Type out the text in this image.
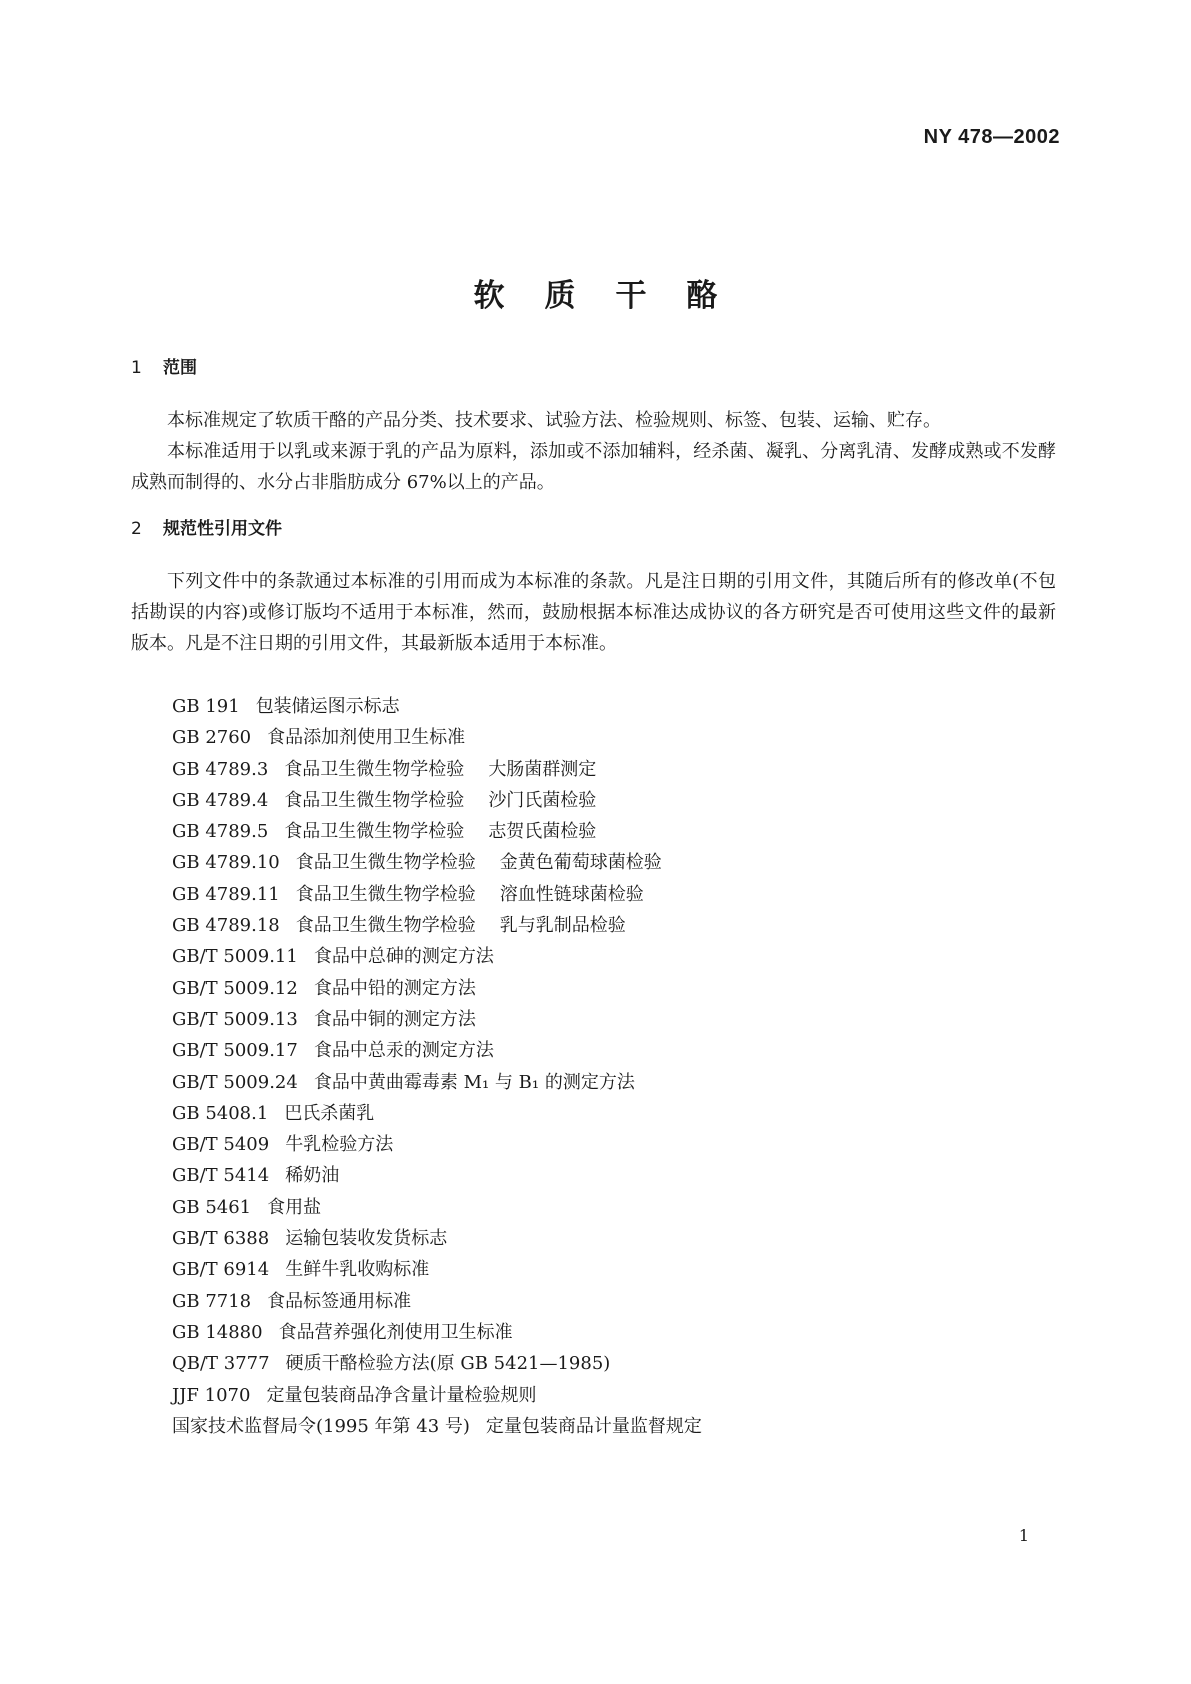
NY 478—2002
软质干酪
1 范围
本标准规定了软质干酪的产品分类、技术要求、试验方法、检验规则、标签、包装、运输、贮存。
本标准适用于以乳或来源于乳的产品为原料，添加或不添加辅料，经杀菌、凝乳、分离乳清、发酵成熟或不发酵成熟而制得的、水分占非脂肪成分 67%以上的产品。
2 规范性引用文件
下列文件中的条款通过本标准的引用而成为本标准的条款。凡是注日期的引用文件，其随后所有的修改单(不包括勘误的内容)或修订版均不适用于本标准，然而，鼓励根据本标准达成协议的各方研究是否可使用这些文件的最新版本。凡是不注日期的引用文件，其最新版本适用于本标准。
GB 191 包装储运图示标志
GB 2760 食品添加剂使用卫生标准
GB 4789.3 食品卫生微生物学检验 大肠菌群测定
GB 4789.4 食品卫生微生物学检验 沙门氏菌检验
GB 4789.5 食品卫生微生物学检验 志贺氏菌检验
GB 4789.10 食品卫生微生物学检验 金黄色葡萄球菌检验
GB 4789.11 食品卫生微生物学检验 溶血性链球菌检验
GB 4789.18 食品卫生微生物学检验 乳与乳制品检验
GB/T 5009.11 食品中总砷的测定方法
GB/T 5009.12 食品中铅的测定方法
GB/T 5009.13 食品中铜的测定方法
GB/T 5009.17 食品中总汞的测定方法
GB/T 5009.24 食品中黄曲霉毒素 M₁ 与 B₁ 的测定方法
GB 5408.1 巴氏杀菌乳
GB/T 5409 牛乳检验方法
GB/T 5414 稀奶油
GB 5461 食用盐
GB/T 6388 运输包装收发货标志
GB/T 6914 生鲜牛乳收购标准
GB 7718 食品标签通用标准
GB 14880 食品营养强化剂使用卫生标准
QB/T 3777 硬质干酪检验方法(原 GB 5421—1985)
JJF 1070 定量包装商品净含量计量检验规则
国家技术监督局令(1995 年第 43 号) 定量包装商品计量监督规定
1
